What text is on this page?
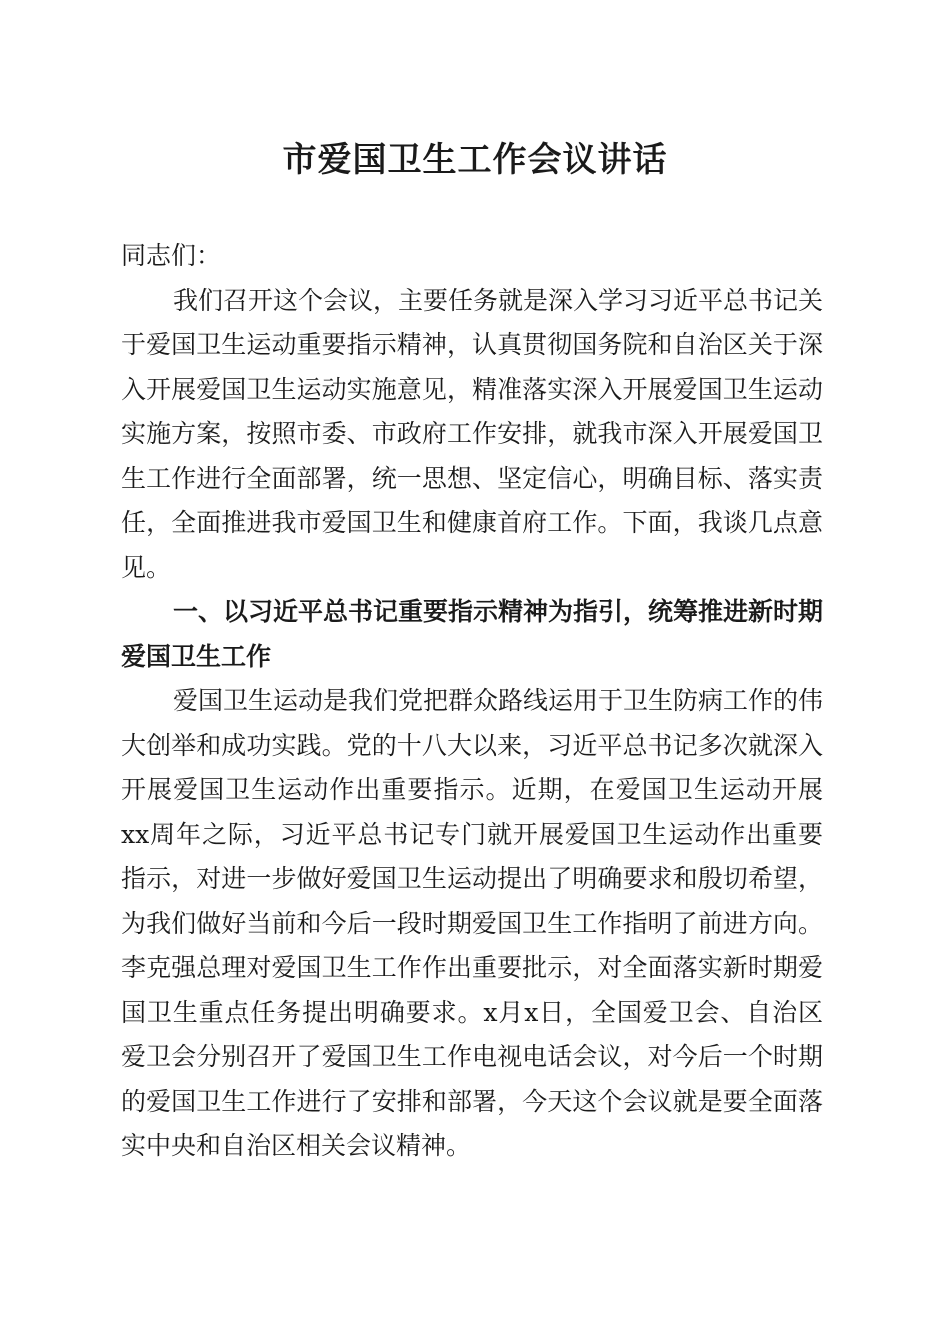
市爱国卫生工作会议讲话

同志们：

我们召开这个会议，主要任务就是深入学习习近平总书记关于爱国卫生运动重要指示精神，认真贯彻国务院和自治区关于深入开展爱国卫生运动实施意见，精准落实深入开展爱国卫生运动实施方案，按照市委、市政府工作安排，就我市深入开展爱国卫生工作进行全面部署，统一思想、坚定信心，明确目标、落实责任，全面推进我市爱国卫生和健康首府工作。下面，我谈几点意见。

一、以习近平总书记重要指示精神为指引，统筹推进新时期爱国卫生工作

爱国卫生运动是我们党把群众路线运用于卫生防病工作的伟大创举和成功实践。党的十八大以来，习近平总书记多次就深入开展爱国卫生运动作出重要指示。近期，在爱国卫生运动开展xx周年之际，习近平总书记专门就开展爱国卫生运动作出重要指示，对进一步做好爱国卫生运动提出了明确要求和殷切希望，为我们做好当前和今后一段时期爱国卫生工作指明了前进方向。李克强总理对爱国卫生工作作出重要批示，对全面落实新时期爱国卫生重点任务提出明确要求。x月x日，全国爱卫会、自治区爱卫会分别召开了爱国卫生工作电视电话会议，对今后一个时期的爱国卫生工作进行了安排和部署，今天这个会议就是要全面落实中央和自治区相关会议精神。
